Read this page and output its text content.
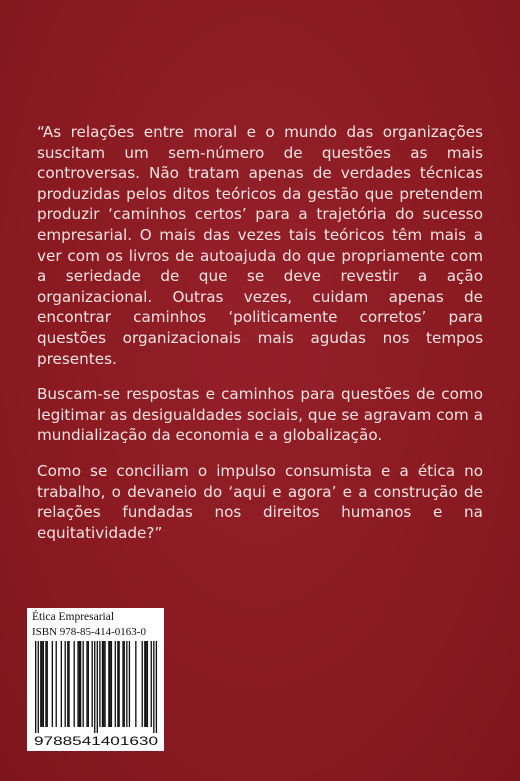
“As relações entre moral e o mundo das organizações suscitam um sem-número de questões as mais controversas. Não tratam apenas de verdades técnicas produzidas pelos ditos teóricos da gestão que pretendem produzir ‘caminhos certos’ para a trajetória do sucesso empresarial. O mais das vezes tais teóricos têm mais a ver com os livros de autoajuda do que propriamente com a seriedade de que se deve revestir a ação organizacional. Outras vezes, cuidam apenas de encontrar caminhos ‘politicamente corretos’ para questões organizacionais mais agudas nos tempos presentes.

Buscam-se respostas e caminhos para questões de como legitimar as desigualdades sociais, que se agravam com a mundialização da economia e a globalização.

Como se conciliam o impulso consumista e a ética no trabalho, o devaneio do ‘aqui e agora’ e a construção de relações fundadas nos direitos humanos e na equitatividade?”

Ética Empresarial
ISBN 978-85-414-0163-0
9788541401630
